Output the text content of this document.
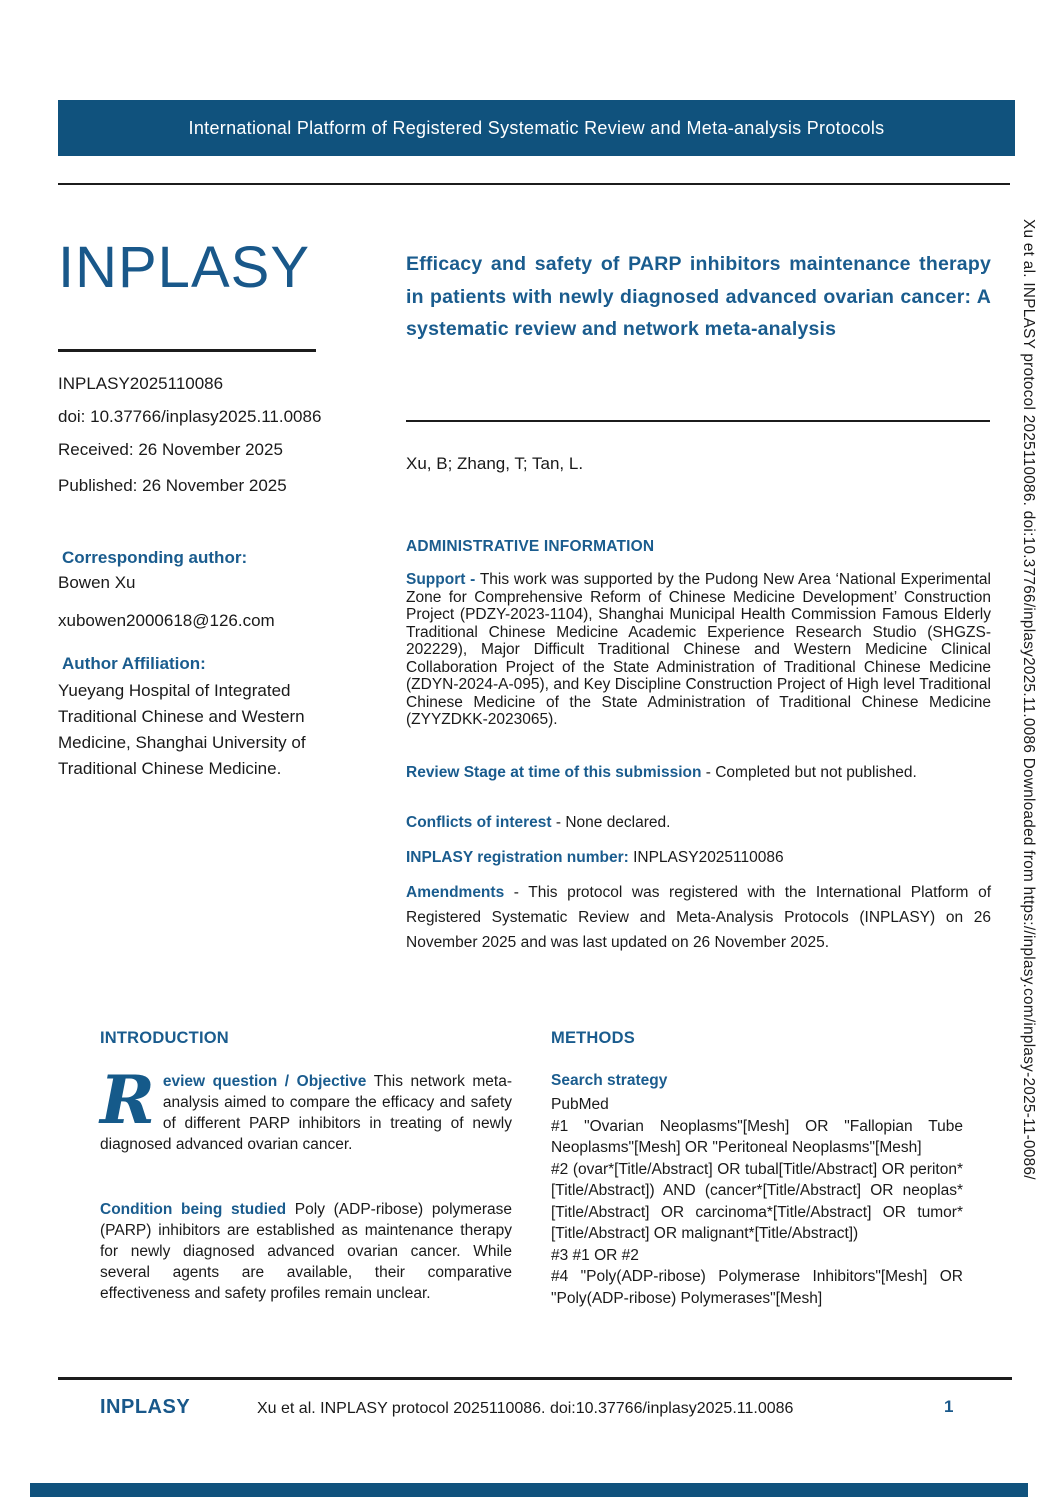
International Platform of Registered Systematic Review and Meta-analysis Protocols
INPLASY
INPLASY2025110086
doi: 10.37766/inplasy2025.11.0086
Received: 26 November 2025
Published: 26 November 2025
Corresponding author:
Bowen Xu
xubowen2000618@126.com
Author Affiliation:
Yueyang Hospital of Integrated Traditional Chinese and Western Medicine, Shanghai University of Traditional Chinese Medicine.
Efficacy and safety of PARP inhibitors maintenance therapy in patients with newly diagnosed advanced ovarian cancer: A systematic review and network meta-analysis
Xu, B; Zhang, T; Tan, L.
ADMINISTRATIVE INFORMATION

Support - This work was supported by the Pudong New Area ‘National Experimental Zone for Comprehensive Reform of Chinese Medicine Development’ Construction Project (PDZY-2023-1104), Shanghai Municipal Health Commission Famous Elderly Traditional Chinese Medicine Academic Experience Research Studio (SHGZS-202229), Major Difficult Traditional Chinese and Western Medicine Clinical Collaboration Project of the State Administration of Traditional Chinese Medicine (ZDYN-2024-A-095), and Key Discipline Construction Project of High level Traditional Chinese Medicine of the State Administration of Traditional Chinese Medicine (ZYYZDKK-2023065).

Review Stage at time of this submission - Completed but not published.

Conflicts of interest - None declared.

INPLASY registration number: INPLASY2025110086

Amendments - This protocol was registered with the International Platform of Registered Systematic Review and Meta-Analysis Protocols (INPLASY) on 26 November 2025 and was last updated on 26 November 2025.

INTRODUCTION

R eview question / Objective This network meta-analysis aimed to compare the efficacy and safety of different PARP inhibitors in treating of newly diagnosed advanced ovarian cancer.

Condition being studied Poly (ADP-ribose) polymerase (PARP) inhibitors are established as maintenance therapy for newly diagnosed advanced ovarian cancer. While several agents are available, their comparative effectiveness and safety profiles remain unclear.

METHODS
Search strategy
PubMed
#1 "Ovarian Neoplasms"[Mesh] OR "Fallopian Tube Neoplasms"[Mesh] OR "Peritoneal Neoplasms"[Mesh]
#2 (ovar*[Title/Abstract] OR tubal[Title/Abstract] OR periton*[Title/Abstract]) AND (cancer*[Title/Abstract] OR neoplas*[Title/Abstract] OR carcinoma*[Title/Abstract] OR tumor*[Title/Abstract] OR malignant*[Title/Abstract])
#3 #1 OR #2
#4 "Poly(ADP-ribose) Polymerase Inhibitors"[Mesh] OR "Poly(ADP-ribose) Polymerases"[Mesh]
INPLASY	Xu et al. INPLASY protocol 2025110086. doi:10.37766/inplasy2025.11.0086	1
Xu et al. INPLASY protocol 2025110086. doi:10.37766/inplasy2025.11.0086 Downloaded from https://inplasy.com/inplasy-2025-11-0086/
